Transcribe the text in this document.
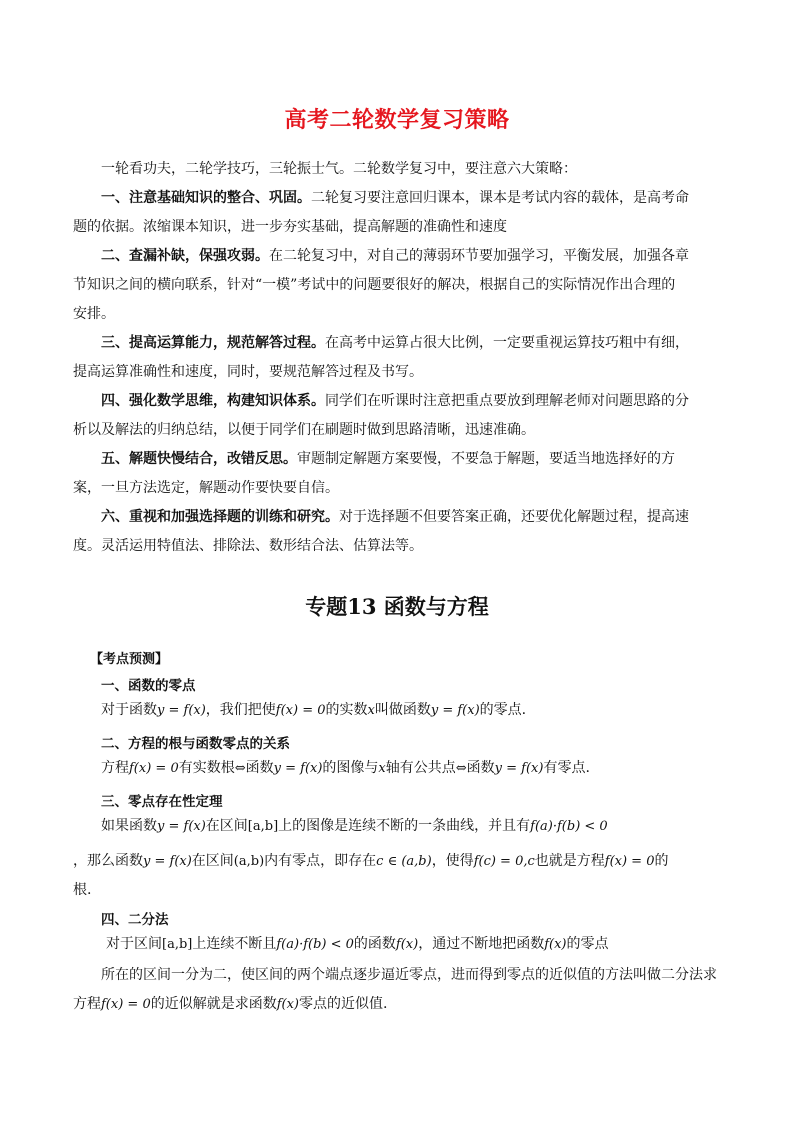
高考二轮数学复习策略

一轮看功夫，二轮学技巧，三轮振士气。二轮数学复习中，要注意六大策略：

一、注意基础知识的整合、巩固。二轮复习要注意回归课本，课本是考试内容的载体，是高考命

题的依据。浓缩课本知识，进一步夯实基础，提高解题的准确性和速度

二、查漏补缺，保强攻弱。在二轮复习中，对自己的薄弱环节要加强学习，平衡发展，加强各章

节知识之间的横向联系，针对“一模”考试中的问题要很好的解决，根据自己的实际情况作出合理的

安排。

三、提高运算能力，规范解答过程。在高考中运算占很大比例，一定要重视运算技巧粗中有细，

提高运算准确性和速度，同时，要规范解答过程及书写。

四、强化数学思维，构建知识体系。同学们在听课时注意把重点要放到理解老师对问题思路的分

析以及解法的归纳总结，以便于同学们在刷题时做到思路清晰，迅速准确。

五、解题快慢结合，改错反思。审题制定解题方案要慢，不要急于解题，要适当地选择好的方

案，一旦方法选定，解题动作要快要自信。

六、重视和加强选择题的训练和研究。对于选择题不但要答案正确，还要优化解题过程，提高速

度。灵活运用特值法、排除法、数形结合法、估算法等。

专题13 函数与方程
【考点预测】
一、函数的零点

对于函数y = f(x)，我们把使f(x) = 0的实数x叫做函数y = f(x)的零点.

二、方程的根与函数零点的关系

方程f(x) = 0有实数根⇔函数y = f(x)的图像与x轴有公共点⇔函数y = f(x)有零点.

三、零点存在性定理

如果函数y = f(x)在区间[a,b]上的图像是连续不断的一条曲线，并且有f(a)·f(b) < 0

，那么函数y = f(x)在区间(a,b)内有零点，即存在c ∈ (a,b)，使得f(c) = 0,c也就是方程f(x) = 0的

根.

四、二分法

对于区间[a,b]上连续不断且f(a)·f(b) < 0的函数f(x)，通过不断地把函数f(x)的零点

所在的区间一分为二，使区间的两个端点逐步逼近零点，进而得到零点的近似值的方法叫做二分法求

方程f(x) = 0的近似解就是求函数f(x)零点的近似值.
